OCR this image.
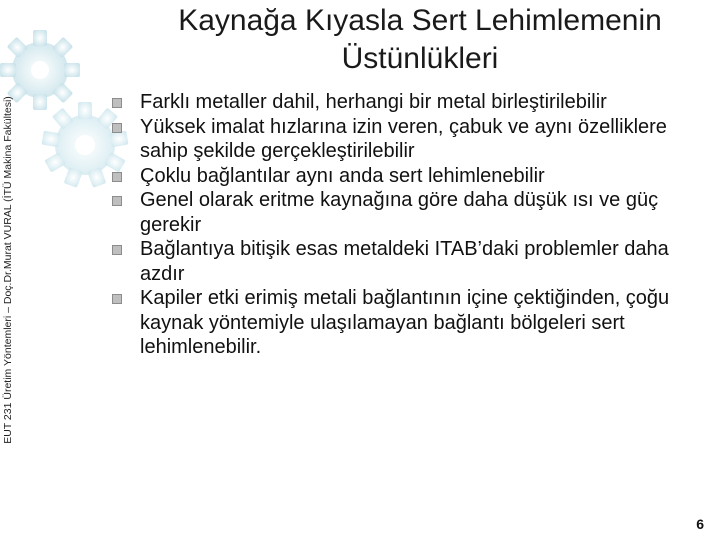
Kaynağa Kıyasla Sert Lehimlemenin
Üstünlükleri
EUT 231 Üretim Yöntemleri – Doç.Dr.Murat VURAL (İTÜ Makina Fakültesi)	Farklı metaller dahil, herhangi bir metal birleştirilebilir
Yüksek imalat hızlarına izin veren, çabuk ve aynı özelliklere sahip şekilde gerçekleştirilebilir
Çoklu bağlantılar aynı anda sert lehimlenebilir
Genel olarak eritme kaynağına göre daha düşük ısı ve güç gerekir
Bağlantıya bitişik esas metaldeki ITAB’daki problemler daha azdır
Kapiler etki erimiş metali bağlantının içine çektiğinden, çoğu kaynak yöntemiyle ulaşılamayan bağlantı bölgeleri sert lehimlenebilir.
6
